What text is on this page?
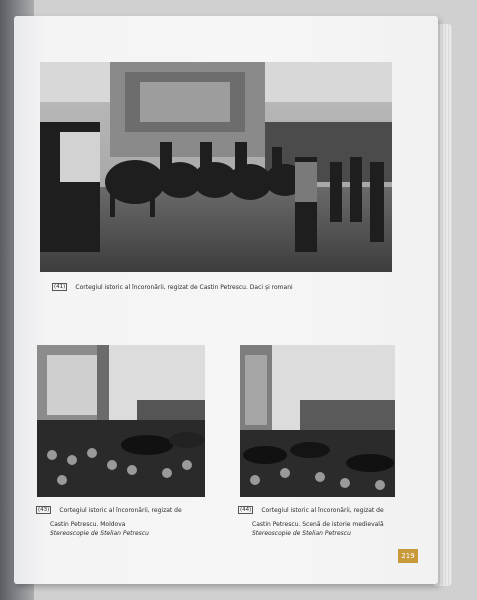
(41) Cortegiul istoric al încoronării, regizat de Castin Petrescu. Daci și romani
(43) Cortegiul istoric al încoronării, regizat de
Castin Petrescu. Moldova
Stereoscopie de Stelian Petrescu
(44) Cortegiul istoric al încoronării, regizat de
Castin Petrescu. Scenă de istorie medievală
Stereoscopie de Stelian Petrescu
219
